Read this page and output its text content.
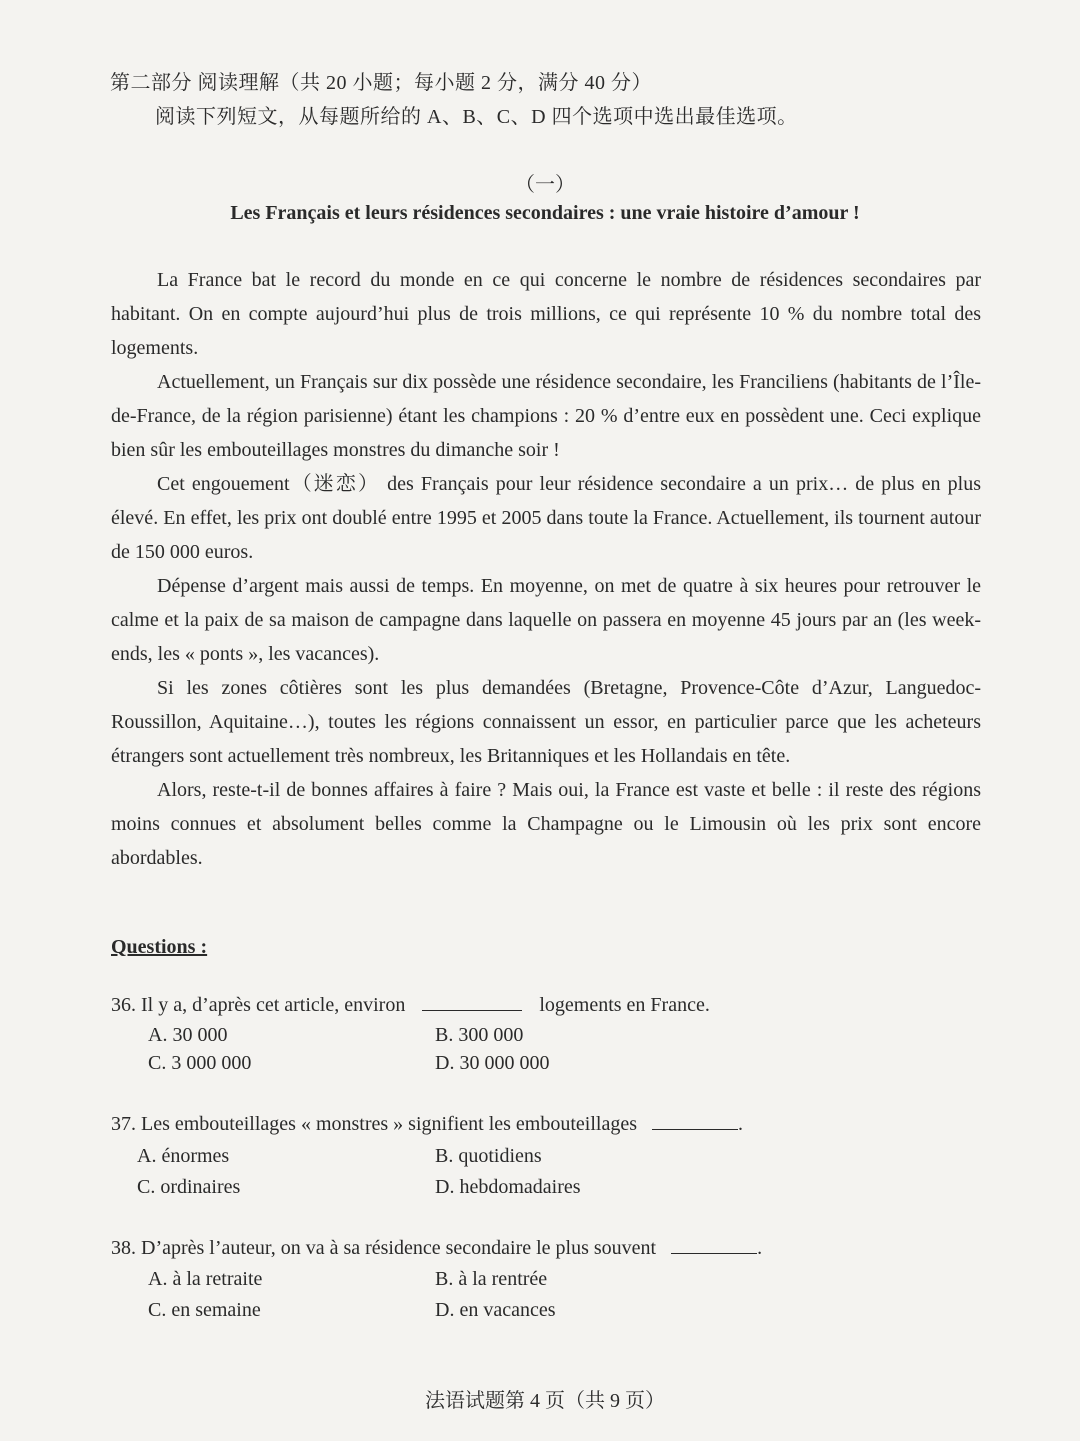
第二部分 阅读理解（共 20 小题；每小题 2 分，满分 40 分）
阅读下列短文，从每题所给的 A、B、C、D 四个选项中选出最佳选项。
（一）
Les Français et leurs résidences secondaires : une vraie histoire d’amour !

La France bat le record du monde en ce qui concerne le nombre de résidences secondaires par habitant. On en compte aujourd’hui plus de trois millions, ce qui représente 10 % du nombre total des logements.

Actuellement, un Français sur dix possède une résidence secondaire, les Franciliens (habitants de l’Île-de-France, de la région parisienne) étant les champions : 20 % d’entre eux en possèdent une. Ceci explique bien sûr les embouteillages monstres du dimanche soir !

Cet engouement（迷恋） des Français pour leur résidence secondaire a un prix… de plus en plus élevé. En effet, les prix ont doublé entre 1995 et 2005 dans toute la France. Actuellement, ils tournent autour de 150 000 euros.

Dépense d’argent mais aussi de temps. En moyenne, on met de quatre à six heures pour retrouver le calme et la paix de sa maison de campagne dans laquelle on passera en moyenne 45 jours par an (les week-ends, les « ponts », les vacances).

Si les zones côtières sont les plus demandées (Bretagne, Provence-Côte d’Azur, Languedoc-Roussillon, Aquitaine…), toutes les régions connaissent un essor, en particulier parce que les acheteurs étrangers sont actuellement très nombreux, les Britanniques et les Hollandais en tête.

Alors, reste-t-il de bonnes affaires à faire ? Mais oui, la France est vaste et belle : il reste des régions moins connues et absolument belles comme la Champagne ou le Limousin où les prix sont encore abordables.

Questions :
36. Il y a, d’après cet article, environ	logements en France.
A. 30 000	B. 300 000
C. 3 000 000	D. 30 000 000
37. Les embouteillages « monstres » signifient les embouteillages	.
A. énormes	B. quotidiens
C. ordinaires	D. hebdomadaires
38. D’après l’auteur, on va à sa résidence secondaire le plus souvent	.
A. à la retraite	B. à la rentrée
C. en semaine	D. en vacances
法语试题第 4 页（共 9 页）
